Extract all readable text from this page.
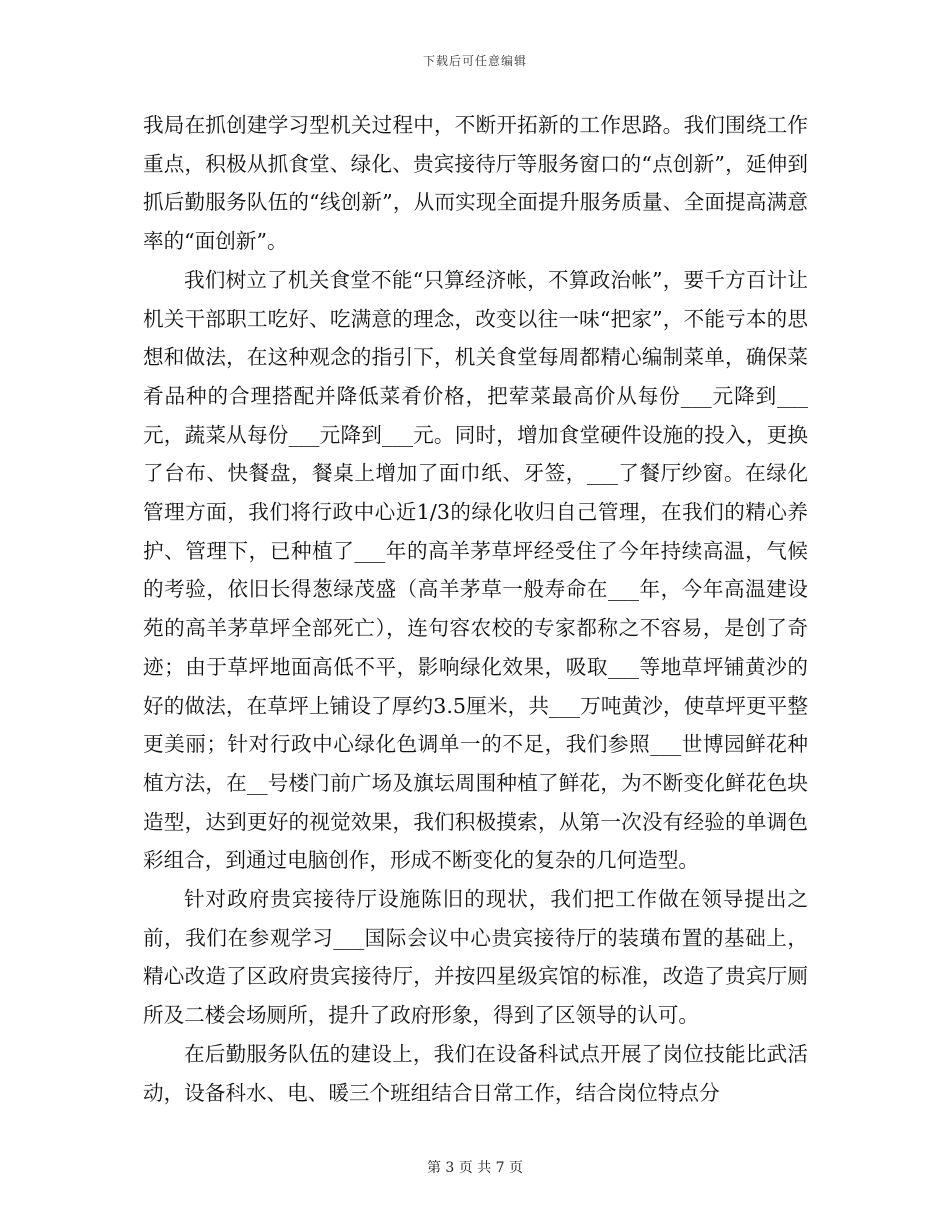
下载后可任意编辑

我局在抓创建学习型机关过程中，不断开拓新的工作思路。我们围绕工作重点，积极从抓食堂、绿化、贵宾接待厅等服务窗口的“点创新”，延伸到抓后勤服务队伍的“线创新”，从而实现全面提升服务质量、全面提高满意率的“面创新”。

我们树立了机关食堂不能“只算经济帐，不算政治帐”，要千方百计让机关干部职工吃好、吃满意的理念，改变以往一味“把家”，不能亏本的思想和做法，在这种观念的指引下，机关食堂每周都精心编制菜单，确保菜肴品种的合理搭配并降低菜肴价格，把荤菜最高价从每份___元降到___元，蔬菜从每份___元降到___元。同时，增加食堂硬件设施的投入，更换了台布、快餐盘，餐桌上增加了面巾纸、牙签，___了餐厅纱窗。在绿化管理方面，我们将行政中心近1/3的绿化收归自己管理，在我们的精心养护、管理下，已种植了___年的高羊茅草坪经受住了今年持续高温，气候的考验，依旧长得葱绿茂盛（高羊茅草一般寿命在___年，今年高温建设苑的高羊茅草坪全部死亡），连句容农校的专家都称之不容易，是创了奇迹；由于草坪地面高低不平，影响绿化效果，吸取___等地草坪铺黄沙的好的做法，在草坪上铺设了厚约3.5厘米，共___万吨黄沙，使草坪更平整更美丽；针对行政中心绿化色调单一的不足，我们参照___世博园鲜花种植方法，在__号楼门前广场及旗坛周围种植了鲜花，为不断变化鲜花色块造型，达到更好的视觉效果，我们积极摸索，从第一次没有经验的单调色彩组合，到通过电脑创作，形成不断变化的复杂的几何造型。

针对政府贵宾接待厅设施陈旧的现状，我们把工作做在领导提出之前，我们在参观学习___国际会议中心贵宾接待厅的装璜布置的基础上，精心改造了区政府贵宾接待厅，并按四星级宾馆的标准，改造了贵宾厅厕所及二楼会场厕所，提升了政府形象，得到了区领导的认可。

在后勤服务队伍的建设上，我们在设备科试点开展了岗位技能比武活动，设备科水、电、暖三个班组结合日常工作，结合岗位特点分

第 3 页 共 7 页
